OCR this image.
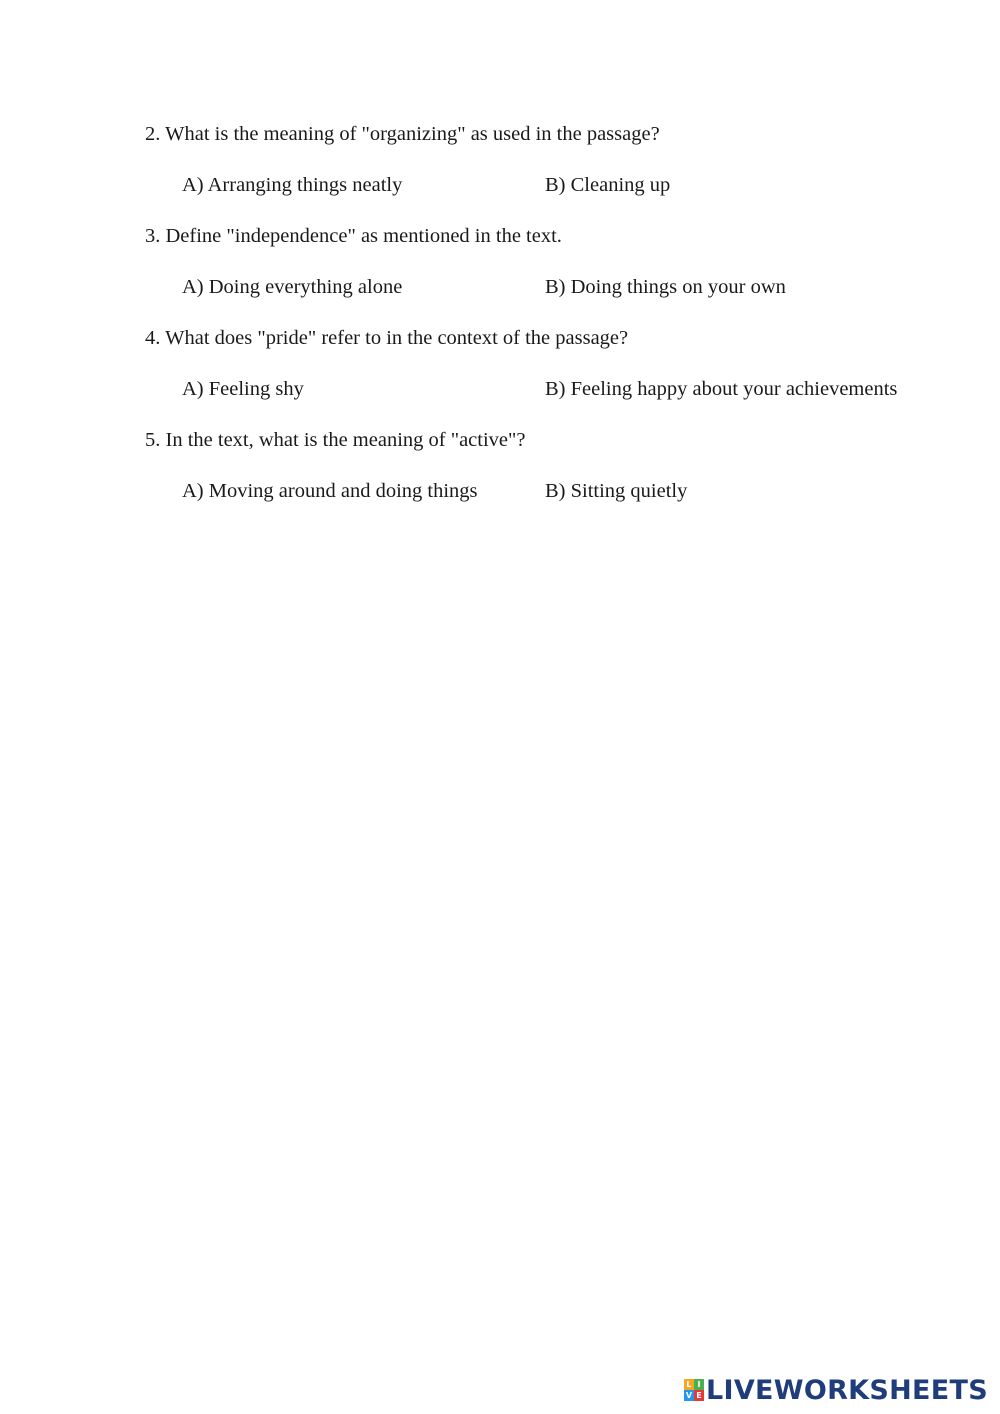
2. What is the meaning of "organizing" as used in the passage?
A) Arranging things neatly	B) Cleaning up
3. Define "independence" as mentioned in the text.
A) Doing everything alone	B) Doing things on your own
4. What does "pride" refer to in the context of the passage?
A) Feeling shy	B) Feeling happy about your achievements
5. In the text, what is the meaning of "active"?
A) Moving around and doing things	B) Sitting quietly
L I
V E LIVEWORKSHEETS
